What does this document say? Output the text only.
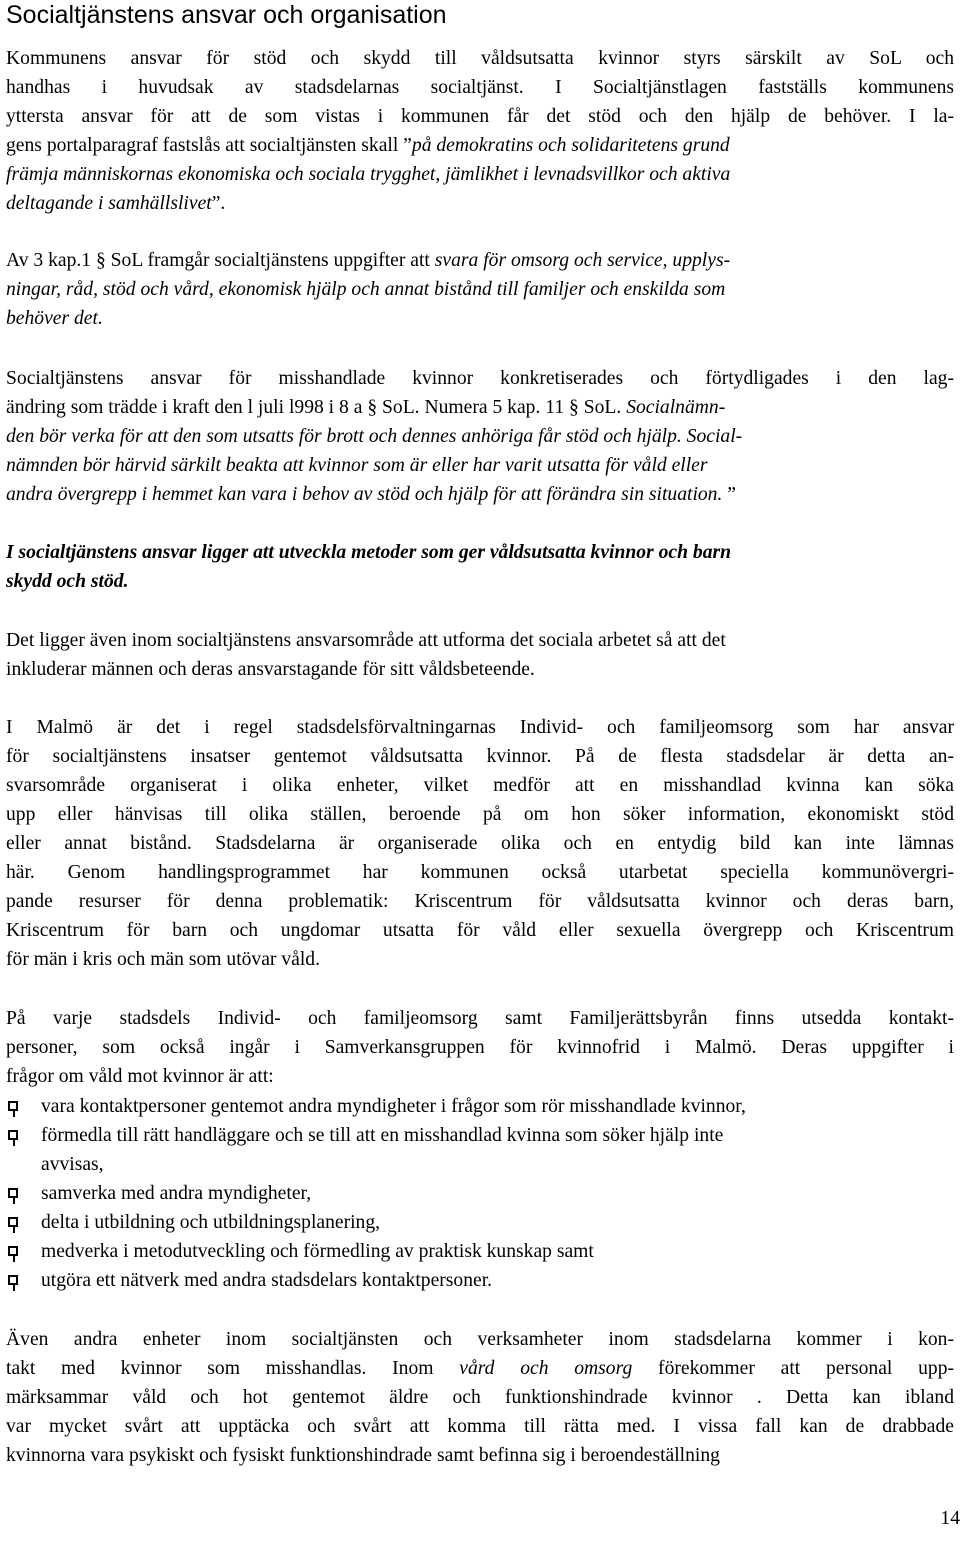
Socialtjänstens ansvar och organisation
Kommunens ansvar för stöd och skydd till våldsutsatta kvinnor styrs särskilt av SoL och
handhas i huvudsak av stadsdelarnas socialtjänst. I Socialtjänstlagen fastställs kommunens
yttersta ansvar för att de som vistas i kommunen får det stöd och den hjälp de behöver. I la-
gens portalparagraf fastslås att socialtjänsten skall ”på demokratins och solidaritetens grund
främja människornas ekonomiska och sociala trygghet, jämlikhet i levnadsvillkor och aktiva
deltagande i samhällslivet”.
Av 3 kap.1 § SoL framgår socialtjänstens uppgifter att svara för omsorg och service, upplys-
ningar, råd, stöd och vård, ekonomisk hjälp och annat bistånd till familjer och enskilda som
behöver det.
Socialtjänstens ansvar för misshandlade kvinnor konkretiserades och förtydligades i den lag-
ändring som trädde i kraft den l juli l998 i 8 a § SoL. Numera 5 kap. 11 § SoL. Socialnämn-
den bör verka för att den som utsatts för brott och dennes anhöriga får stöd och hjälp. Social-
nämnden bör härvid särkilt beakta att kvinnor som är eller har varit utsatta för våld eller
andra övergrepp i hemmet kan vara i behov av stöd och hjälp för att förändra sin situation. ”
I socialtjänstens ansvar ligger att utveckla metoder som ger våldsutsatta kvinnor och barn
skydd och stöd.
Det ligger även inom socialtjänstens ansvarsområde att utforma det sociala arbetet så att det
inkluderar männen och deras ansvarstagande för sitt våldsbeteende.
I Malmö är det i regel stadsdelsförvaltningarnas Individ- och familjeomsorg som har ansvar
för socialtjänstens insatser gentemot våldsutsatta kvinnor. På de flesta stadsdelar är detta an-
svarsområde organiserat i olika enheter, vilket medför att en misshandlad kvinna kan söka
upp eller hänvisas till olika ställen, beroende på om hon söker information, ekonomiskt stöd
eller annat bistånd. Stadsdelarna är organiserade olika och en entydig bild kan inte lämnas
här. Genom handlingsprogrammet har kommunen också utarbetat speciella kommunövergri-
pande resurser för denna problematik: Kriscentrum för våldsutsatta kvinnor och deras barn,
Kriscentrum för barn och ungdomar utsatta för våld eller sexuella övergrepp och Kriscentrum
för män i kris och män som utövar våld.
På varje stadsdels Individ- och familjeomsorg samt Familjerättsbyrån finns utsedda kontakt-
personer, som också ingår i Samverkansgruppen för kvinnofrid i Malmö. Deras uppgifter i
frågor om våld mot kvinnor är att:
vara kontaktpersoner gentemot andra myndigheter i frågor som rör misshandlade kvinnor,
förmedla till rätt handläggare och se till att en misshandlad kvinna som söker hjälp inte
avvisas,
samverka med andra myndigheter,
delta i utbildning och utbildningsplanering,
medverka i metodutveckling och förmedling av praktisk kunskap samt
utgöra ett nätverk med andra stadsdelars kontaktpersoner.
Även andra enheter inom socialtjänsten och verksamheter inom stadsdelarna kommer i kon-
takt med kvinnor som misshandlas. Inom vård och omsorg förekommer att personal upp-
märksammar våld och hot gentemot äldre och funktionshindrade kvinnor . Detta kan ibland
var mycket svårt att upptäcka och svårt att komma till rätta med. I vissa fall kan de drabbade
kvinnorna vara psykiskt och fysiskt funktionshindrade samt befinna sig i beroendeställning
14
